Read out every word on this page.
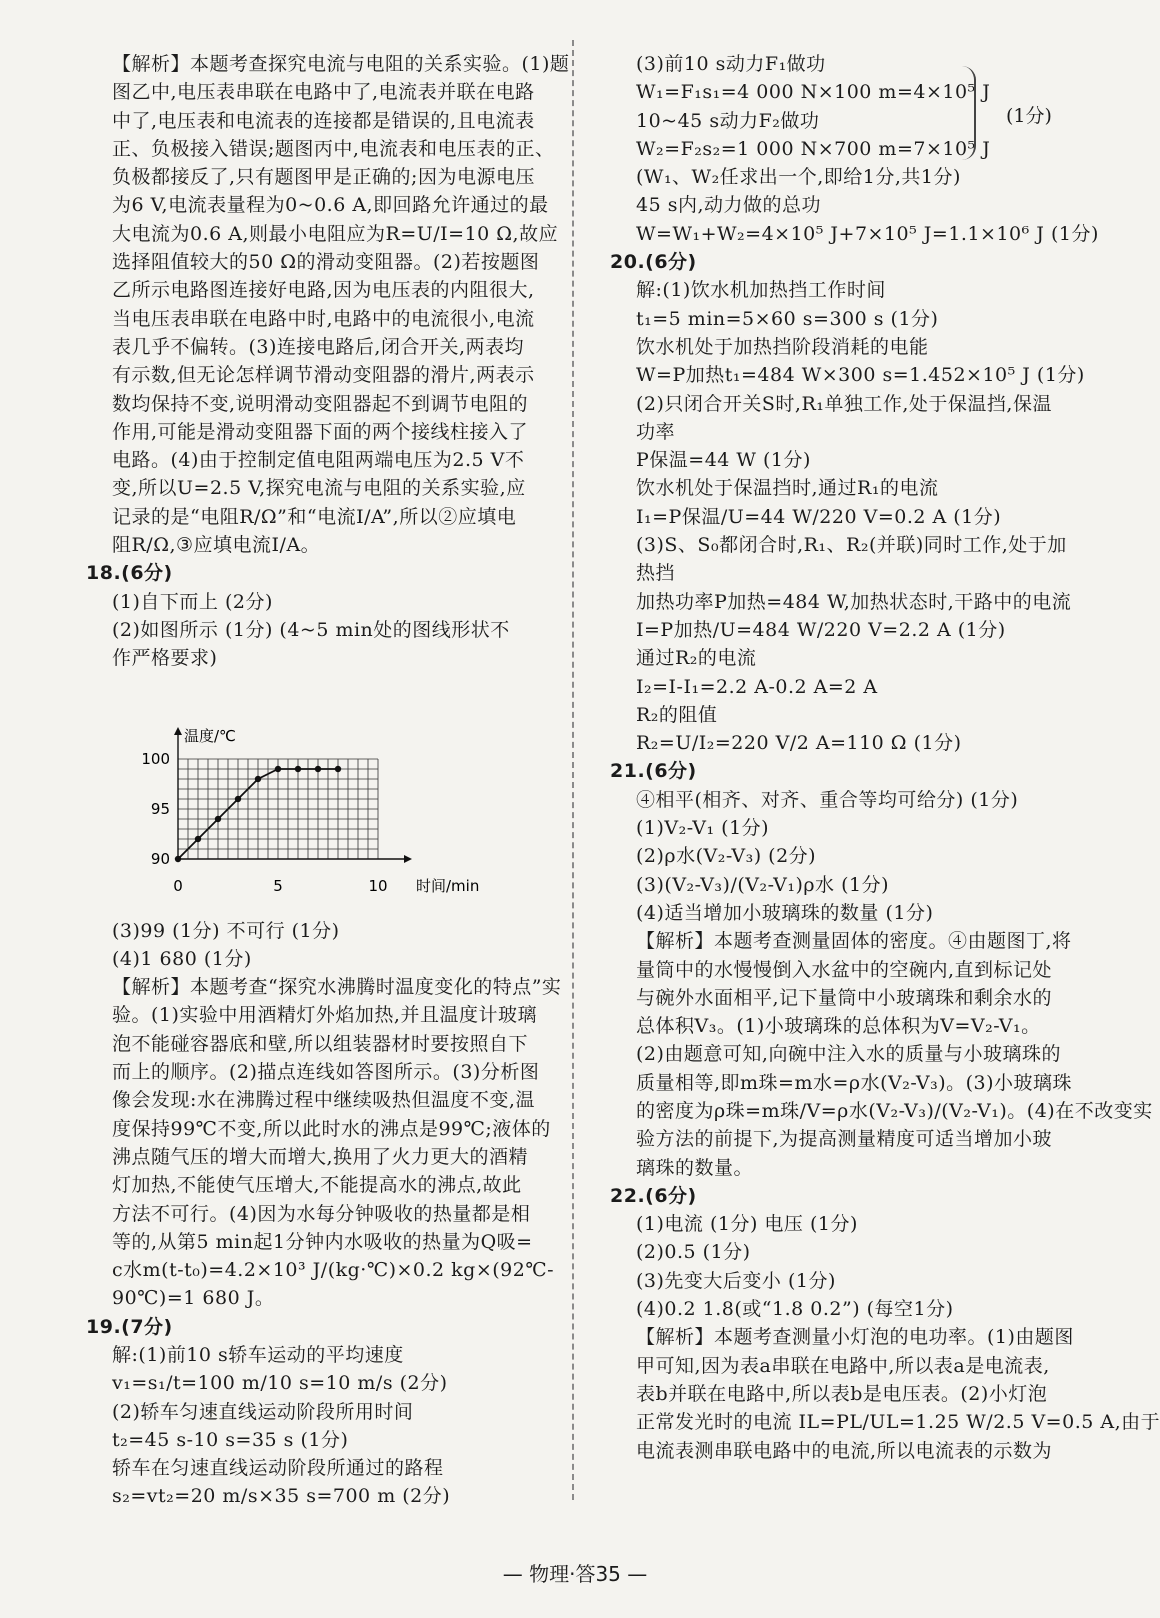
【解析】本题考查探究电流与电阻的关系实验。(1)题
图乙中,电压表串联在电路中了,电流表并联在电路
中了,电压表和电流表的连接都是错误的,且电流表
正、负极接入错误;题图丙中,电流表和电压表的正、
负极都接反了,只有题图甲是正确的;因为电源电压
为6 V,电流表量程为0~0.6 A,即回路允许通过的最
大电流为0.6 A,则最小电阻应为R=U/I=10 Ω,故应
选择阻值较大的50 Ω的滑动变阻器。(2)若按题图
乙所示电路图连接好电路,因为电压表的内阻很大,
当电压表串联在电路中时,电路中的电流很小,电流
表几乎不偏转。(3)连接电路后,闭合开关,两表均
有示数,但无论怎样调节滑动变阻器的滑片,两表示
数均保持不变,说明滑动变阻器起不到调节电阻的
作用,可能是滑动变阻器下面的两个接线柱接入了
电路。(4)由于控制定值电阻两端电压为2.5 V不
变,所以U=2.5 V,探究电流与电阻的关系实验,应
记录的是“电阻R/Ω”和“电流I/A”,所以②应填电
阻R/Ω,③应填电流I/A。
18.(6分)
(1)自下而上 (2分)
(2)如图所示 (1分) (4~5 min处的图线形状不
作严格要求)
温度/℃
时间/min
0	5	10
90
95
100
(3)99 (1分) 不可行 (1分)
(4)1 680 (1分)
【解析】本题考查“探究水沸腾时温度变化的特点”实
验。(1)实验中用酒精灯外焰加热,并且温度计玻璃
泡不能碰容器底和壁,所以组装器材时要按照自下
而上的顺序。(2)描点连线如答图所示。(3)分析图
像会发现:水在沸腾过程中继续吸热但温度不变,温
度保持99℃不变,所以此时水的沸点是99℃;液体的
沸点随气压的增大而增大,换用了火力更大的酒精
灯加热,不能使气压增大,不能提高水的沸点,故此
方法不可行。(4)因为水每分钟吸收的热量都是相
等的,从第5 min起1分钟内水吸收的热量为Q吸=
c水m(t-t₀)=4.2×10³ J/(kg·℃)×0.2 kg×(92℃-
90℃)=1 680 J。
19.(7分)
解:(1)前10 s轿车运动的平均速度
v₁=s₁/t=100 m/10 s=10 m/s (2分)
(2)轿车匀速直线运动阶段所用时间
t₂=45 s-10 s=35 s (1分)
轿车在匀速直线运动阶段所通过的路程
s₂=vt₂=20 m/s×35 s=700 m (2分)
(3)前10 s动力F₁做功
W₁=F₁s₁=4 000 N×100 m=4×10⁵ J
10~45 s动力F₂做功
W₂=F₂s₂=1 000 N×700 m=7×10⁵ J
(W₁、W₂任求出一个,即给1分,共1分)
45 s内,动力做的总功
W=W₁+W₂=4×10⁵ J+7×10⁵ J=1.1×10⁶ J (1分)
20.(6分)
解:(1)饮水机加热挡工作时间
t₁=5 min=5×60 s=300 s (1分)
饮水机处于加热挡阶段消耗的电能
W=P加热t₁=484 W×300 s=1.452×10⁵ J (1分)
(2)只闭合开关S时,R₁单独工作,处于保温挡,保温
功率
P保温=44 W (1分)
饮水机处于保温挡时,通过R₁的电流
I₁=P保温/U=44 W/220 V=0.2 A (1分)
(3)S、S₀都闭合时,R₁、R₂(并联)同时工作,处于加
热挡
加热功率P加热=484 W,加热状态时,干路中的电流
I=P加热/U=484 W/220 V=2.2 A (1分)
通过R₂的电流
I₂=I-I₁=2.2 A-0.2 A=2 A
R₂的阻值
R₂=U/I₂=220 V/2 A=110 Ω (1分)
21.(6分)
④相平(相齐、对齐、重合等均可给分) (1分)
(1)V₂-V₁ (1分)
(2)ρ水(V₂-V₃) (2分)
(3)(V₂-V₃)/(V₂-V₁)ρ水 (1分)
(4)适当增加小玻璃珠的数量 (1分)
【解析】本题考查测量固体的密度。④由题图丁,将
量筒中的水慢慢倒入水盆中的空碗内,直到标记处
与碗外水面相平,记下量筒中小玻璃珠和剩余水的
总体积V₃。(1)小玻璃珠的总体积为V=V₂-V₁。
(2)由题意可知,向碗中注入水的质量与小玻璃珠的
质量相等,即m珠=m水=ρ水(V₂-V₃)。(3)小玻璃珠
的密度为ρ珠=m珠/V=ρ水(V₂-V₃)/(V₂-V₁)。(4)在不改变实
验方法的前提下,为提高测量精度可适当增加小玻
璃珠的数量。
22.(6分)
(1)电流 (1分) 电压 (1分)
(2)0.5 (1分)
(3)先变大后变小 (1分)
(4)0.2 1.8(或“1.8 0.2”) (每空1分)
【解析】本题考查测量小灯泡的电功率。(1)由题图
甲可知,因为表a串联在电路中,所以表a是电流表,
表b并联在电路中,所以表b是电压表。(2)小灯泡
正常发光时的电流 IL=PL/UL=1.25 W/2.5 V=0.5 A,由于
电流表测串联电路中的电流,所以电流表的示数为
(1分)
— 物理·答35 —
